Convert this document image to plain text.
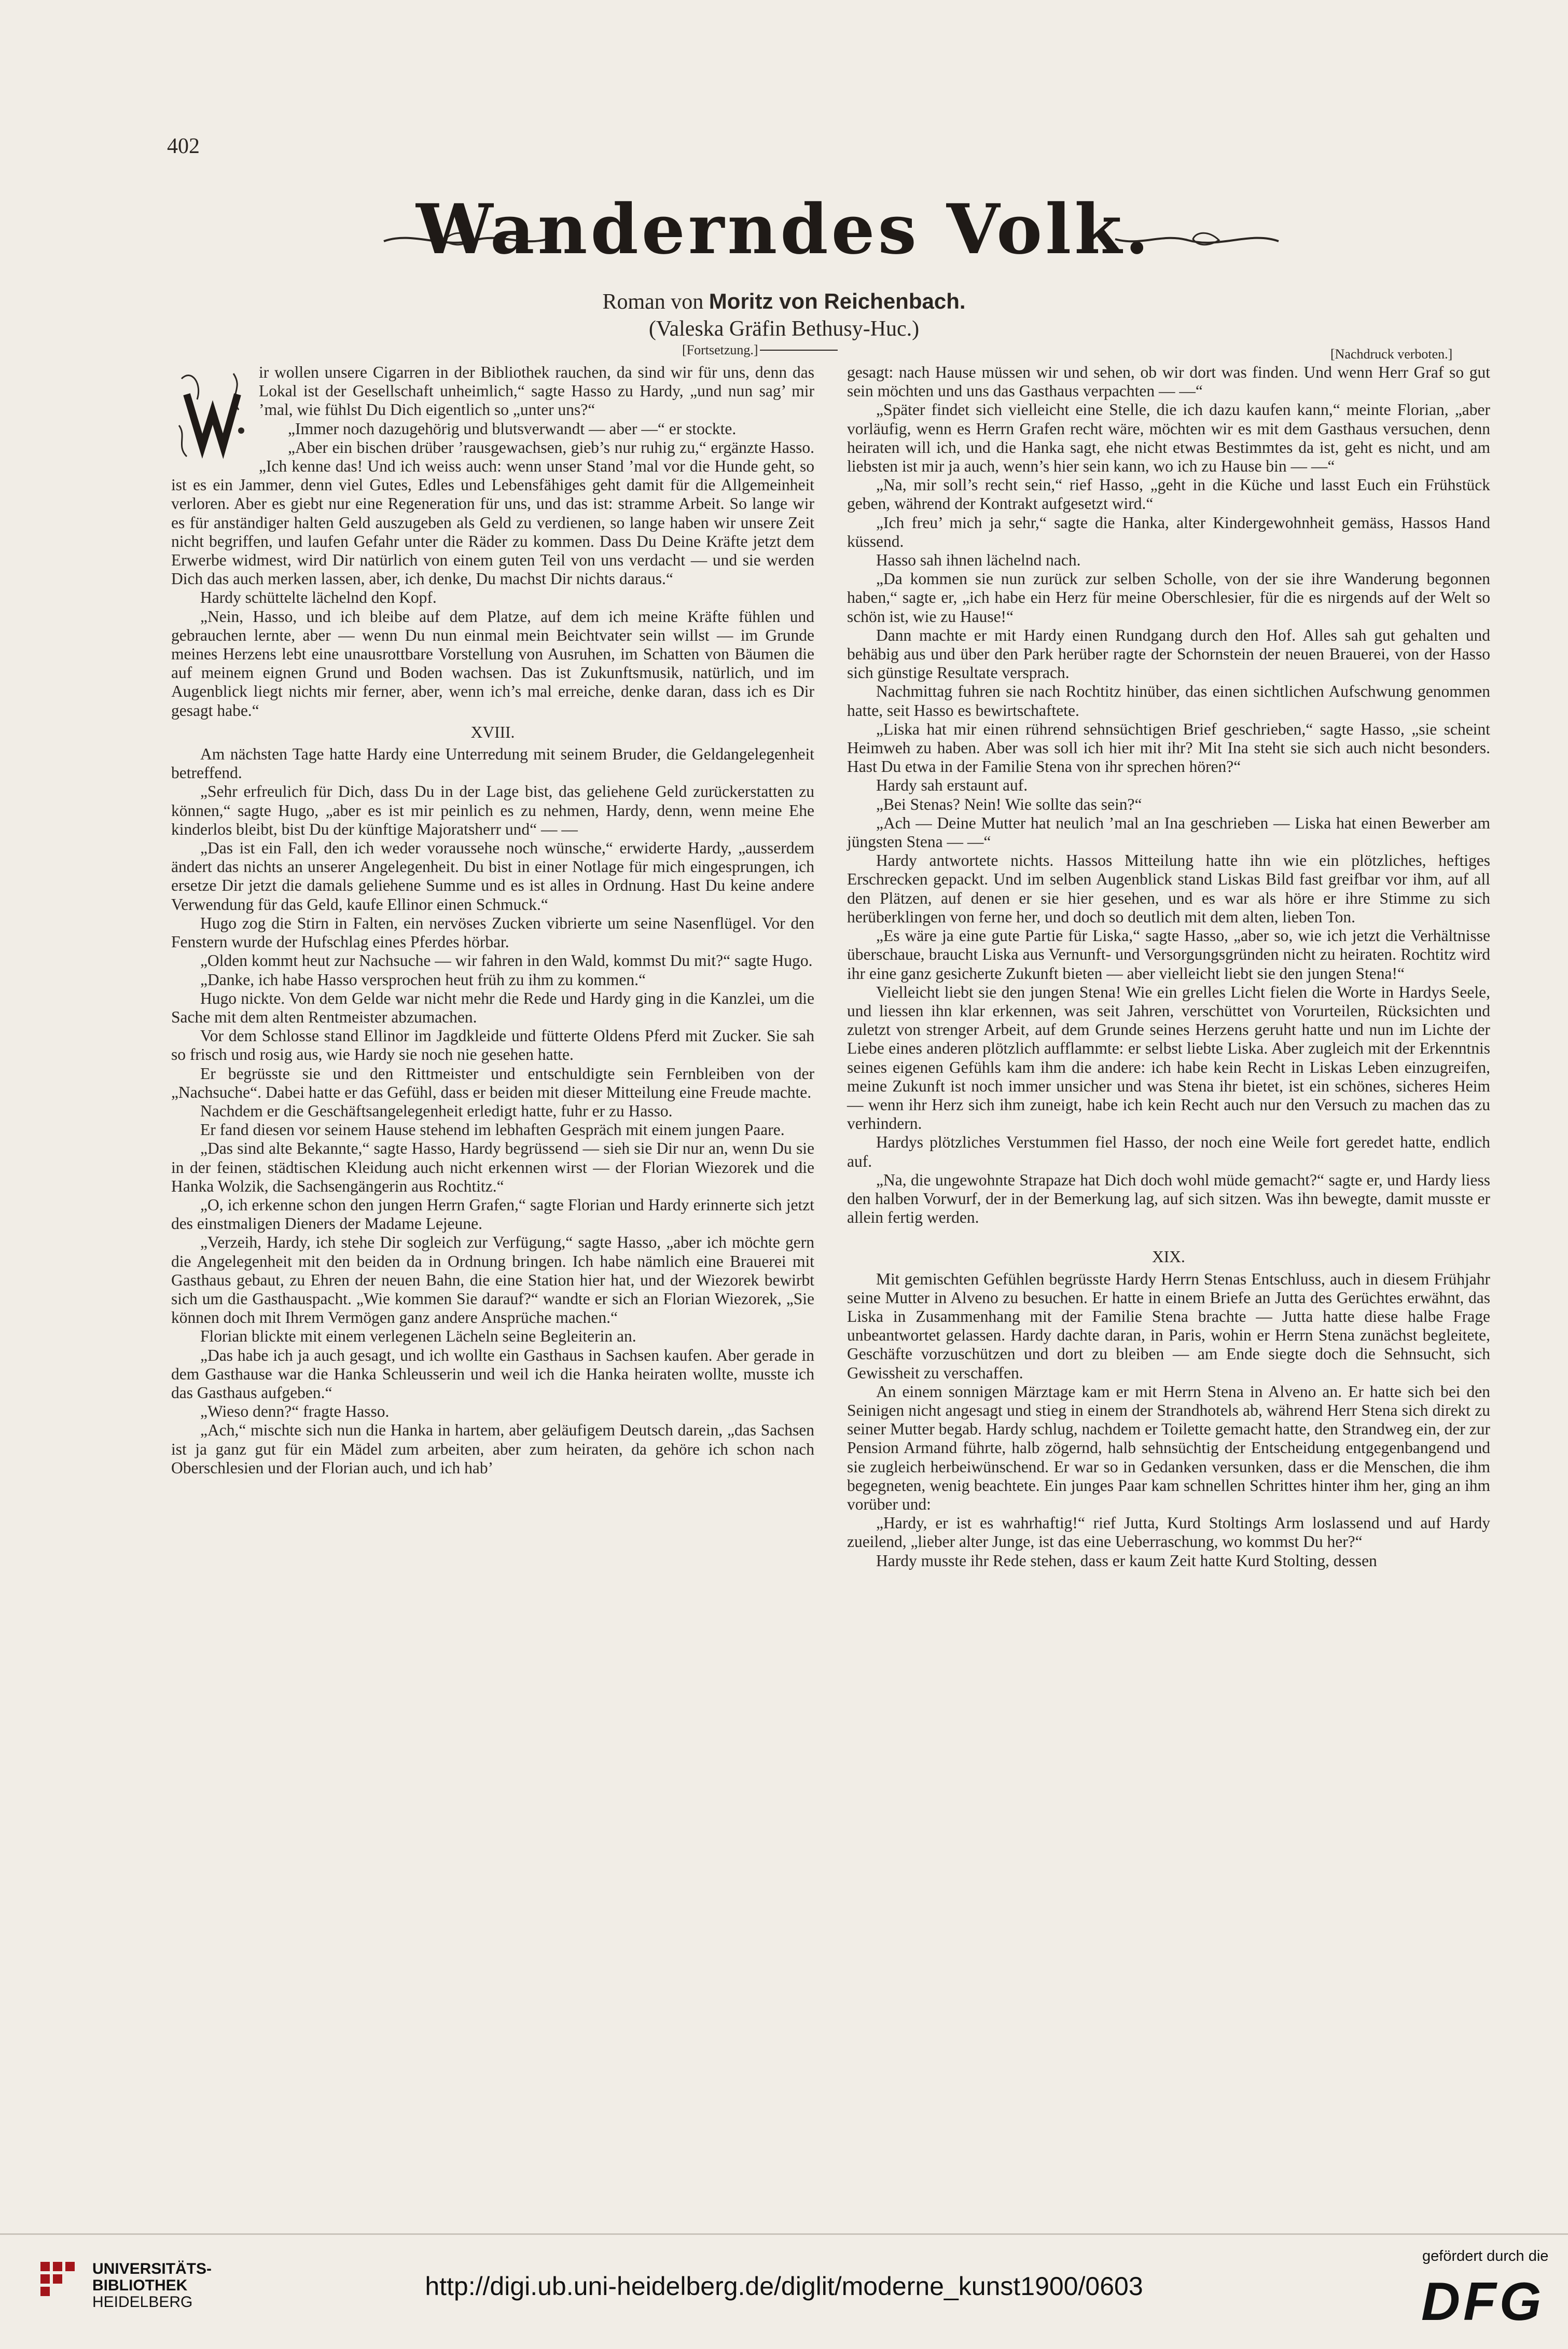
402
Wanderndes Volk.
Roman von Moritz von Reichenbach.
(Valeska Gräfin Bethusy-Huc.)
[Fortsetzung.]	[Nachdruck verboten.]

ir wollen unsere Cigarren in der Bibliothek rauchen, da sind wir für uns, denn das Lokal ist der Gesellschaft unheimlich,“ sagte Hasso zu Hardy, „und nun sag’ mir ’mal, wie fühlst Du Dich eigentlich so „unter uns?“

„Immer noch dazugehörig und blutsverwandt — aber —“ er stockte.

„Aber ein bischen drüber ’rausgewachsen, gieb’s nur ruhig zu,“ ergänzte Hasso. „Ich kenne das! Und ich weiss auch: wenn unser Stand ’mal vor die Hunde geht, so ist es ein Jammer, denn viel Gutes, Edles und Lebensfähiges geht damit für die Allgemeinheit verloren. Aber es giebt nur eine Regeneration für uns, und das ist: stramme Arbeit. So lange wir es für anständiger halten Geld auszugeben als Geld zu verdienen, so lange haben wir unsere Zeit nicht begriffen, und laufen Gefahr unter die Räder zu kommen. Dass Du Deine Kräfte jetzt dem Erwerbe widmest, wird Dir natürlich von einem guten Teil von uns verdacht — und sie werden Dich das auch merken lassen, aber, ich denke, Du machst Dir nichts daraus.“

Hardy schüttelte lächelnd den Kopf.

„Nein, Hasso, und ich bleibe auf dem Platze, auf dem ich meine Kräfte fühlen und gebrauchen lernte, aber — wenn Du nun einmal mein Beichtvater sein willst — im Grunde meines Herzens lebt eine unausrottbare Vorstellung von Ausruhen, im Schatten von Bäumen die auf meinem eignen Grund und Boden wachsen. Das ist Zukunftsmusik, natürlich, und im Augenblick liegt nichts mir ferner, aber, wenn ich’s mal erreiche, denke daran, dass ich es Dir gesagt habe.“

XVIII.

Am nächsten Tage hatte Hardy eine Unterredung mit seinem Bruder, die Geldangelegenheit betreffend.

„Sehr erfreulich für Dich, dass Du in der Lage bist, das geliehene Geld zurückerstatten zu können,“ sagte Hugo, „aber es ist mir peinlich es zu nehmen, Hardy, denn, wenn meine Ehe kinderlos bleibt, bist Du der künftige Majoratsherr und“ — —

„Das ist ein Fall, den ich weder voraussehe noch wünsche,“ erwiderte Hardy, „ausserdem ändert das nichts an unserer Angelegenheit. Du bist in einer Notlage für mich eingesprungen, ich ersetze Dir jetzt die damals geliehene Summe und es ist alles in Ordnung. Hast Du keine andere Verwendung für das Geld, kaufe Ellinor einen Schmuck.“

Hugo zog die Stirn in Falten, ein nervöses Zucken vibrierte um seine Nasenflügel. Vor den Fenstern wurde der Hufschlag eines Pferdes hörbar.

„Olden kommt heut zur Nachsuche — wir fahren in den Wald, kommst Du mit?“ sagte Hugo.

„Danke, ich habe Hasso versprochen heut früh zu ihm zu kommen.“

Hugo nickte. Von dem Gelde war nicht mehr die Rede und Hardy ging in die Kanzlei, um die Sache mit dem alten Rentmeister abzumachen.

Vor dem Schlosse stand Ellinor im Jagdkleide und fütterte Oldens Pferd mit Zucker. Sie sah so frisch und rosig aus, wie Hardy sie noch nie gesehen hatte.

Er begrüsste sie und den Rittmeister und entschuldigte sein Fernbleiben von der „Nachsuche“. Dabei hatte er das Gefühl, dass er beiden mit dieser Mitteilung eine Freude machte.

Nachdem er die Geschäftsangelegenheit erledigt hatte, fuhr er zu Hasso.

Er fand diesen vor seinem Hause stehend im lebhaften Gespräch mit einem jungen Paare.

„Das sind alte Bekannte,“ sagte Hasso, Hardy begrüssend — sieh sie Dir nur an, wenn Du sie in der feinen, städtischen Kleidung auch nicht erkennen wirst — der Florian Wiezorek und die Hanka Wolzik, die Sachsengängerin aus Rochtitz.“

„O, ich erkenne schon den jungen Herrn Grafen,“ sagte Florian und Hardy erinnerte sich jetzt des einstmaligen Dieners der Madame Lejeune.

„Verzeih, Hardy, ich stehe Dir sogleich zur Verfügung,“ sagte Hasso, „aber ich möchte gern die Angelegenheit mit den beiden da in Ordnung bringen. Ich habe nämlich eine Brauerei mit Gasthaus gebaut, zu Ehren der neuen Bahn, die eine Station hier hat, und der Wiezorek bewirbt sich um die Gasthauspacht. „Wie kommen Sie darauf?“ wandte er sich an Florian Wiezorek, „Sie können doch mit Ihrem Vermögen ganz andere Ansprüche machen.“

Florian blickte mit einem verlegenen Lächeln seine Begleiterin an.

„Das habe ich ja auch gesagt, und ich wollte ein Gasthaus in Sachsen kaufen. Aber gerade in dem Gasthause war die Hanka Schleusserin und weil ich die Hanka heiraten wollte, musste ich das Gasthaus aufgeben.“

„Wieso denn?“ fragte Hasso.

„Ach,“ mischte sich nun die Hanka in hartem, aber geläufigem Deutsch darein, „das Sachsen ist ja ganz gut für ein Mädel zum arbeiten, aber zum heiraten, da gehöre ich schon nach Oberschlesien und der Florian auch, und ich hab’

gesagt: nach Hause müssen wir und sehen, ob wir dort was finden. Und wenn Herr Graf so gut sein möchten und uns das Gasthaus verpachten — —“

„Später findet sich vielleicht eine Stelle, die ich dazu kaufen kann,“ meinte Florian, „aber vorläufig, wenn es Herrn Grafen recht wäre, möchten wir es mit dem Gasthaus versuchen, denn heiraten will ich, und die Hanka sagt, ehe nicht etwas Bestimmtes da ist, geht es nicht, und am liebsten ist mir ja auch, wenn’s hier sein kann, wo ich zu Hause bin — —“

„Na, mir soll’s recht sein,“ rief Hasso, „geht in die Küche und lasst Euch ein Frühstück geben, während der Kontrakt aufgesetzt wird.“

„Ich freu’ mich ja sehr,“ sagte die Hanka, alter Kindergewohnheit gemäss, Hassos Hand küssend.

Hasso sah ihnen lächelnd nach.

„Da kommen sie nun zurück zur selben Scholle, von der sie ihre Wanderung begonnen haben,“ sagte er, „ich habe ein Herz für meine Oberschlesier, für die es nirgends auf der Welt so schön ist, wie zu Hause!“

Dann machte er mit Hardy einen Rundgang durch den Hof. Alles sah gut gehalten und behäbig aus und über den Park herüber ragte der Schornstein der neuen Brauerei, von der Hasso sich günstige Resultate versprach.

Nachmittag fuhren sie nach Rochtitz hinüber, das einen sichtlichen Aufschwung genommen hatte, seit Hasso es bewirtschaftete.

„Liska hat mir einen rührend sehnsüchtigen Brief geschrieben,“ sagte Hasso, „sie scheint Heimweh zu haben. Aber was soll ich hier mit ihr? Mit Ina steht sie sich auch nicht besonders. Hast Du etwa in der Familie Stena von ihr sprechen hören?“

Hardy sah erstaunt auf.

„Bei Stenas? Nein! Wie sollte das sein?“

„Ach — Deine Mutter hat neulich ’mal an Ina geschrieben — Liska hat einen Bewerber am jüngsten Stena — —“

Hardy antwortete nichts. Hassos Mitteilung hatte ihn wie ein plötzliches, heftiges Erschrecken gepackt. Und im selben Augenblick stand Liskas Bild fast greifbar vor ihm, auf all den Plätzen, auf denen er sie hier gesehen, und es war als höre er ihre Stimme zu sich herüberklingen von ferne her, und doch so deutlich mit dem alten, lieben Ton.

„Es wäre ja eine gute Partie für Liska,“ sagte Hasso, „aber so, wie ich jetzt die Verhältnisse überschaue, braucht Liska aus Vernunft- und Versorgungsgründen nicht zu heiraten. Rochtitz wird ihr eine ganz gesicherte Zukunft bieten — aber vielleicht liebt sie den jungen Stena!“

Vielleicht liebt sie den jungen Stena! Wie ein grelles Licht fielen die Worte in Hardys Seele, und liessen ihn klar erkennen, was seit Jahren, verschüttet von Vorurteilen, Rücksichten und zuletzt von strenger Arbeit, auf dem Grunde seines Herzens geruht hatte und nun im Lichte der Liebe eines anderen plötzlich aufflammte: er selbst liebte Liska. Aber zugleich mit der Erkenntnis seines eigenen Gefühls kam ihm die andere: ich habe kein Recht in Liskas Leben einzugreifen, meine Zukunft ist noch immer unsicher und was Stena ihr bietet, ist ein schönes, sicheres Heim — wenn ihr Herz sich ihm zuneigt, habe ich kein Recht auch nur den Versuch zu machen das zu verhindern.

Hardys plötzliches Verstummen fiel Hasso, der noch eine Weile fort geredet hatte, endlich auf.

„Na, die ungewohnte Strapaze hat Dich doch wohl müde gemacht?“ sagte er, und Hardy liess den halben Vorwurf, der in der Bemerkung lag, auf sich sitzen. Was ihn bewegte, damit musste er allein fertig werden.

XIX.

Mit gemischten Gefühlen begrüsste Hardy Herrn Stenas Entschluss, auch in diesem Frühjahr seine Mutter in Alveno zu besuchen. Er hatte in einem Briefe an Jutta des Gerüchtes erwähnt, das Liska in Zusammenhang mit der Familie Stena brachte — Jutta hatte diese halbe Frage unbeantwortet gelassen. Hardy dachte daran, in Paris, wohin er Herrn Stena zunächst begleitete, Geschäfte vorzuschützen und dort zu bleiben — am Ende siegte doch die Sehnsucht, sich Gewissheit zu verschaffen.

An einem sonnigen Märztage kam er mit Herrn Stena in Alveno an. Er hatte sich bei den Seinigen nicht angesagt und stieg in einem der Strandhotels ab, während Herr Stena sich direkt zu seiner Mutter begab. Hardy schlug, nachdem er Toilette gemacht hatte, den Strandweg ein, der zur Pension Armand führte, halb zögernd, halb sehnsüchtig der Entscheidung entgegenbangend und sie zugleich herbeiwünschend. Er war so in Gedanken versunken, dass er die Menschen, die ihm begegneten, wenig beachtete. Ein junges Paar kam schnellen Schrittes hinter ihm her, ging an ihm vorüber und:

„Hardy, er ist es wahrhaftig!“ rief Jutta, Kurd Stoltings Arm loslassend und auf Hardy zueilend, „lieber alter Junge, ist das eine Ueberraschung, wo kommst Du her?“

Hardy musste ihr Rede stehen, dass er kaum Zeit hatte Kurd Stolting, dessen

UNIVERSITÄTS-
BIBLIOTHEK
HEIDELBERG
http://digi.ub.uni-heidelberg.de/diglit/moderne_kunst1900/0603
gefördert durch die
DFG
